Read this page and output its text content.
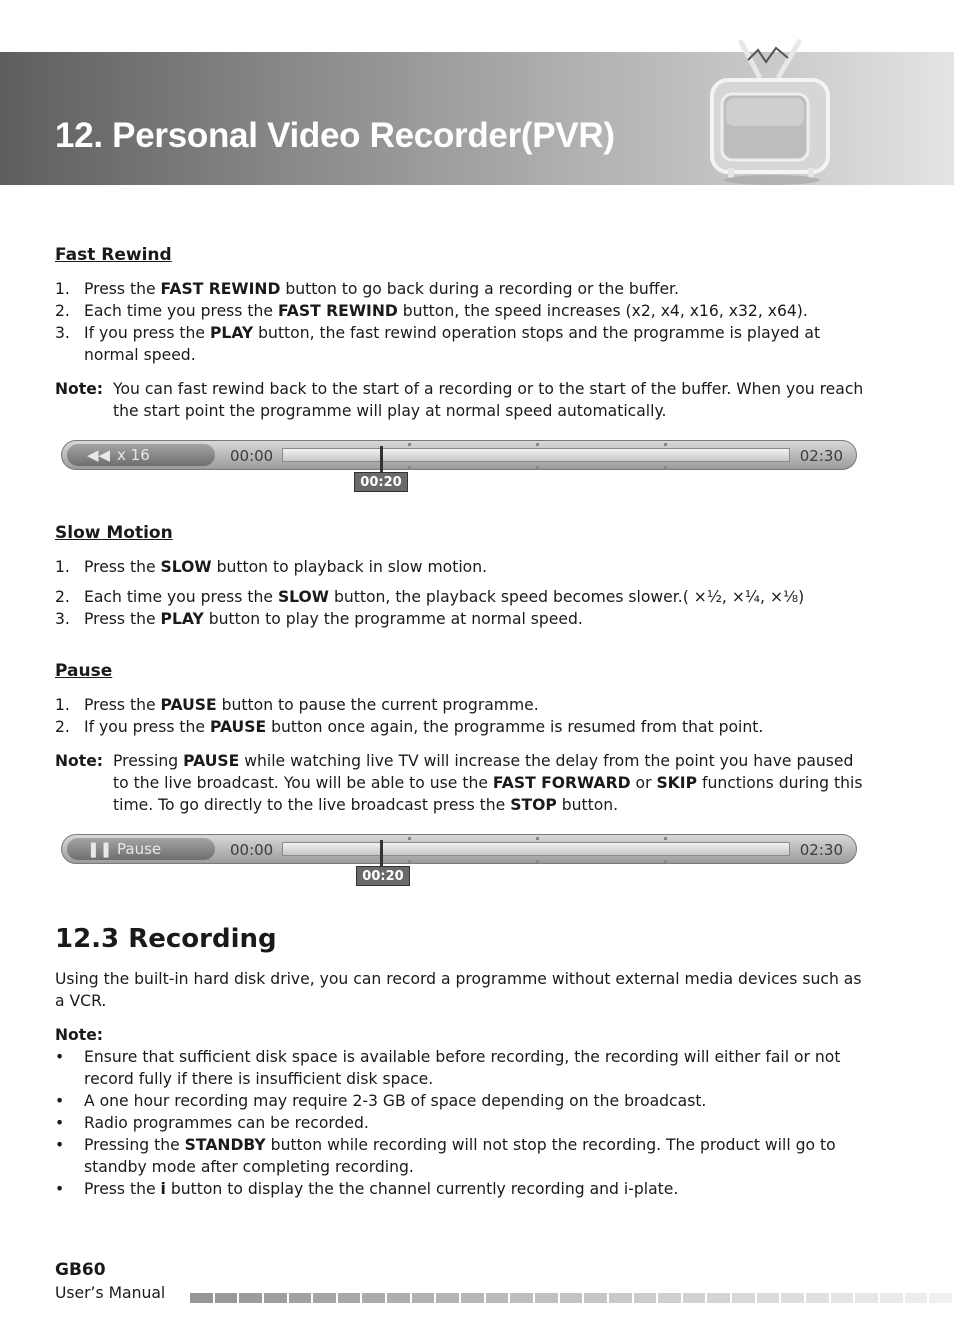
12. Personal Video Recorder(PVR)
Fast Rewind
1. Press the FAST REWIND button to go back during a recording or the buffer.
2. Each time you press the FAST REWIND button, the speed increases (x2, x4, x16, x32, x64).
3. If you press the PLAY button, the fast rewind operation stops and the programme is played at normal speed.
Note: You can fast rewind back to the start of a recording or to the start of the buffer. When you reach the start point the programme will play at normal speed automatically.
◀◀ x 16	00:00	02:30
00:20
Slow Motion
1. Press the SLOW button to playback in slow motion.
2. Each time you press the SLOW button, the playback speed becomes slower.( ×½, ×¼, ×⅛)
3. Press the PLAY button to play the programme at normal speed.
Pause
1. Press the PAUSE button to pause the current programme.
2. If you press the PAUSE button once again, the programme is resumed from that point.
Note: Pressing PAUSE while watching live TV will increase the delay from the point you have paused to the live broadcast. You will be able to use the FAST FORWARD or SKIP functions during this time. To go directly to the live broadcast press the STOP button.
❚❚ Pause	00:00	02:30
00:20
12.3 Recording
Using the built-in hard disk drive, you can record a programme without external media devices such as a VCR.
Note:
• Ensure that sufficient disk space is available before recording, the recording will either fail or not record fully if there is insufficient disk space.
• A one hour recording may require 2-3 GB of space depending on the broadcast.
• Radio programmes can be recorded.
• Pressing the STANDBY button while recording will not stop the recording. The product will go to standby mode after completing recording.
• Press the i button to display the the channel currently recording and i-plate.
GB60
User’s Manual
